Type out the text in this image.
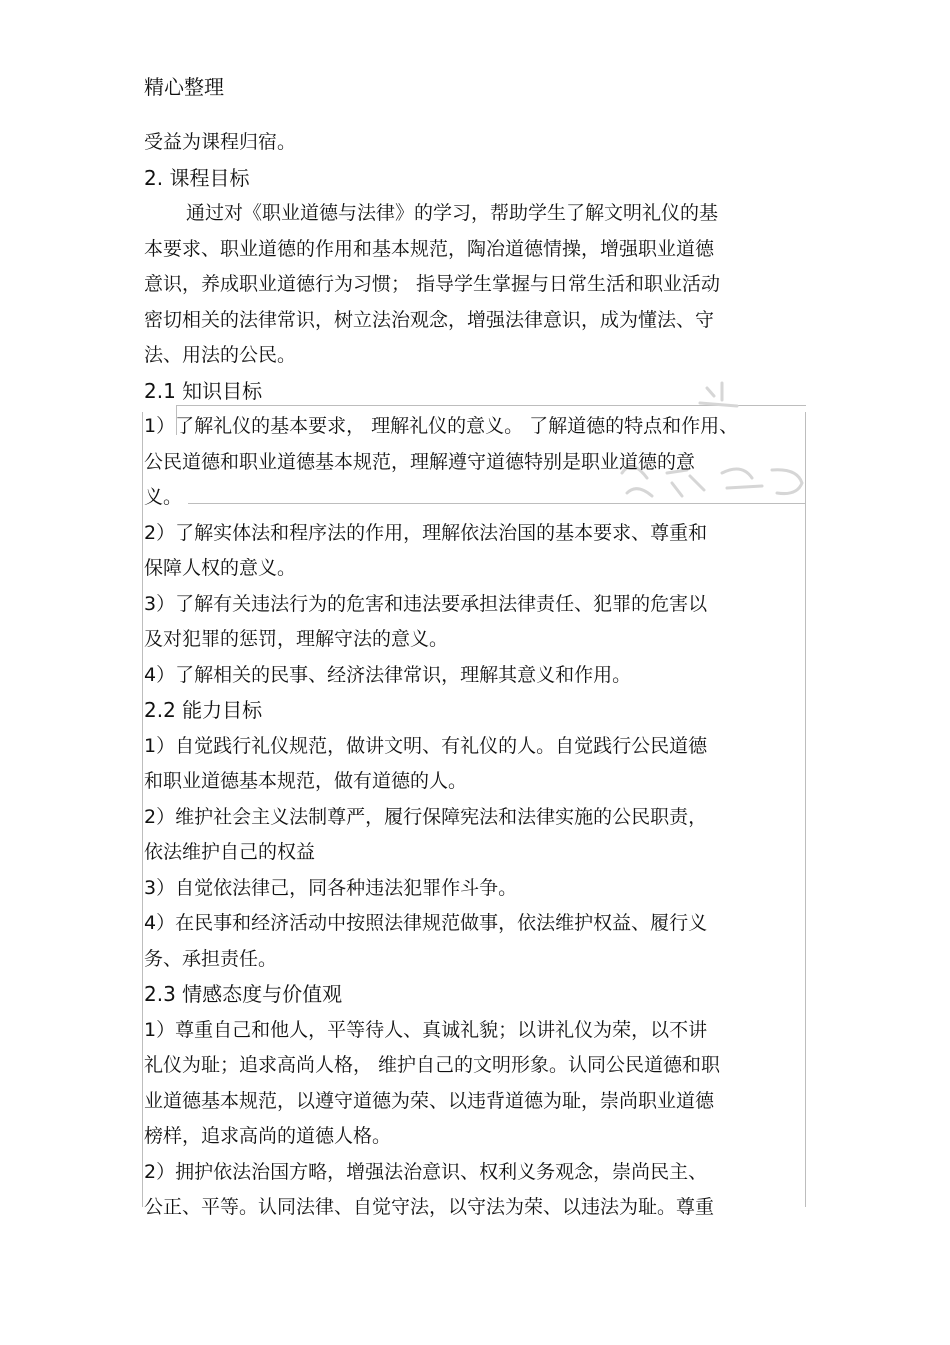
精心整理

受益为课程归宿。

2. 课程目标

通过对《职业道德与法律》的学习，帮助学生了解文明礼仪的基

本要求、职业道德的作用和基本规范，陶冶道德情操，增强职业道德

意识，养成职业道德行为习惯； 指导学生掌握与日常生活和职业活动

密切相关的法律常识，树立法治观念，增强法律意识，成为懂法、守

法、用法的公民。

2.1 知识目标

1）了解礼仪的基本要求， 理解礼仪的意义。 了解道德的特点和作用、

公民道德和职业道德基本规范，理解遵守道德特别是职业道德的意

义。

2）了解实体法和程序法的作用，理解依法治国的基本要求、尊重和

保障人权的意义。

3）了解有关违法行为的危害和违法要承担法律责任、犯罪的危害以

及对犯罪的惩罚，理解守法的意义。

4）了解相关的民事、经济法律常识，理解其意义和作用。

2.2 能力目标

1）自觉践行礼仪规范，做讲文明、有礼仪的人。自觉践行公民道德

和职业道德基本规范，做有道德的人。

2）维护社会主义法制尊严，履行保障宪法和法律实施的公民职责，

依法维护自己的权益

3）自觉依法律己，同各种违法犯罪作斗争。

4）在民事和经济活动中按照法律规范做事，依法维护权益、履行义

务、承担责任。

2.3 情感态度与价值观

1）尊重自己和他人，平等待人、真诚礼貌；以讲礼仪为荣，以不讲

礼仪为耻；追求高尚人格， 维护自己的文明形象。认同公民道德和职

业道德基本规范，以遵守道德为荣、以违背道德为耻，崇尚职业道德

榜样，追求高尚的道德人格。

2）拥护依法治国方略，增强法治意识、权利义务观念，崇尚民主、

公正、平等。认同法律、自觉守法，以守法为荣、以违法为耻。尊重
